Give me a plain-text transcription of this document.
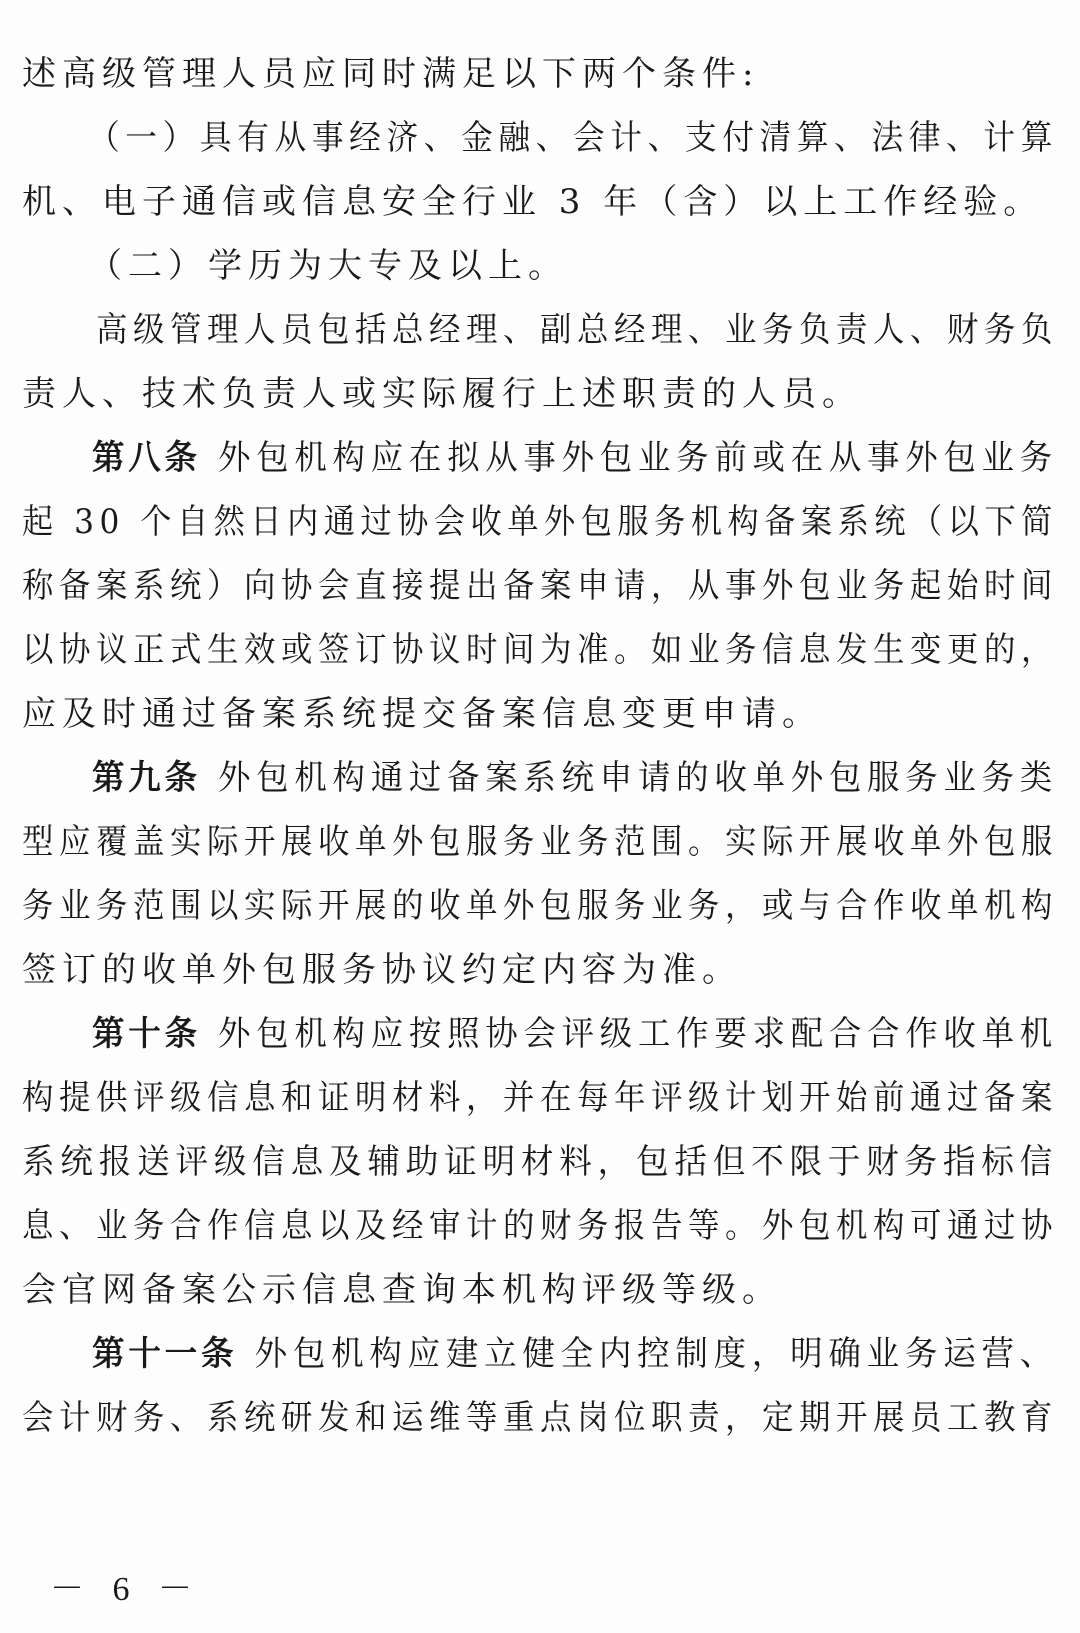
述高级管理人员应同时满足以下两个条件:
（一）具有从事经济、金融、会计、支付清算、法律、计算
机、电子通信或信息安全行业 3 年（含）以上工作经验。
（二）学历为大专及以上。
高级管理人员包括总经理、副总经理、业务负责人、财务负
责人、技术负责人或实际履行上述职责的人员。
第八条 外包机构应在拟从事外包业务前或在从事外包业务
起 30 个自然日内通过协会收单外包服务机构备案系统（以下简
称备案系统）向协会直接提出备案申请，从事外包业务起始时间
以协议正式生效或签订协议时间为准。如业务信息发生变更的，
应及时通过备案系统提交备案信息变更申请。
第九条 外包机构通过备案系统申请的收单外包服务业务类
型应覆盖实际开展收单外包服务业务范围。实际开展收单外包服
务业务范围以实际开展的收单外包服务业务，或与合作收单机构
签订的收单外包服务协议约定内容为准。
第十条 外包机构应按照协会评级工作要求配合合作收单机
构提供评级信息和证明材料，并在每年评级计划开始前通过备案
系统报送评级信息及辅助证明材料，包括但不限于财务指标信
息、业务合作信息以及经审计的财务报告等。外包机构可通过协
会官网备案公示信息查询本机构评级等级。
第十一条 外包机构应建立健全内控制度，明确业务运营、
会计财务、系统研发和运维等重点岗位职责，定期开展员工教育
－ 6 －
